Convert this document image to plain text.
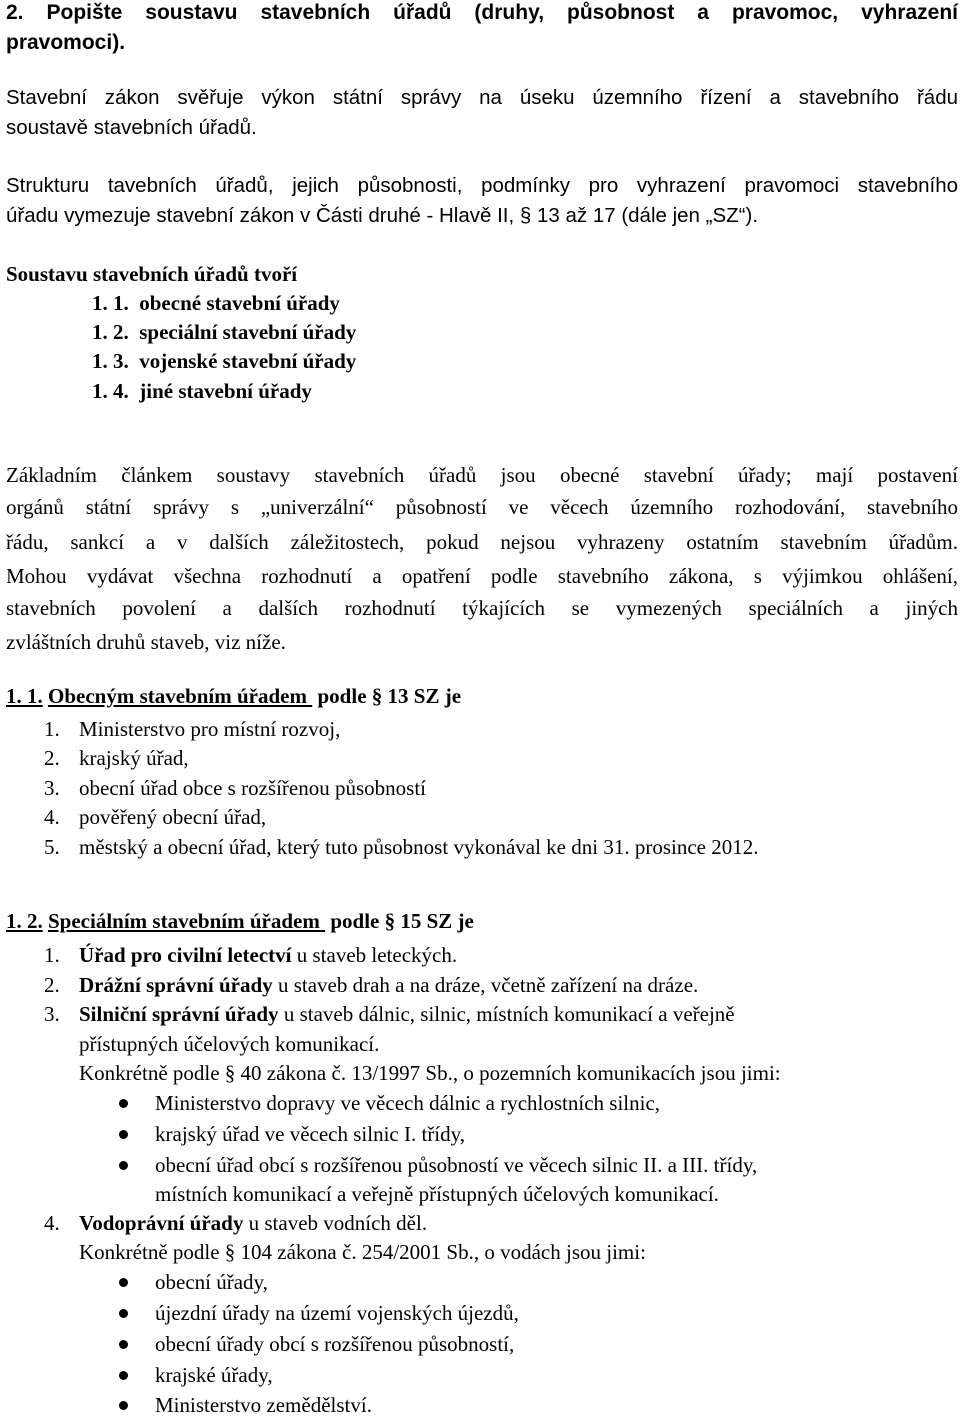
2. Popište soustavu stavebních úřadů (druhy, působnost a pravomoc, vyhrazení
pravomoci).
Stavební zákon svěřuje výkon státní správy na úseku územního řízení a stavebního řádu
soustavě stavebních úřadů.
Strukturu tavebních úřadů, jejich působnosti, podmínky pro vyhrazení pravomoci stavebního
úřadu vymezuje stavební zákon v Části druhé - Hlavě II, § 13 až 17 (dále jen „SZ“).
Soustavu stavebních úřadů tvoří
1. 1.  obecné stavební úřady
1. 2.  speciální stavební úřady
1. 3.  vojenské stavební úřady
1. 4.  jiné stavební úřady
Základním článkem soustavy stavebních úřadů jsou obecné stavební úřady; mají postavení
orgánů státní správy s „univerzální“ působností ve věcech územního rozhodování, stavebního
řádu, sankcí a v dalších záležitostech, pokud nejsou vyhrazeny ostatním stavebním úřadům.
Mohou vydávat všechna rozhodnutí a opatření podle stavebního zákona, s výjimkou ohlášení,
stavebních povolení a dalších rozhodnutí týkajících se vymezených speciálních a jiných
zvláštních druhů staveb, viz níže.
1. 1. Obecným stavebním úřadem  podle § 13 SZ je
1. Ministerstvo pro místní rozvoj,
2. krajský úřad,
3. obecní úřad obce s rozšířenou působností
4. pověřený obecní úřad,
5. městský a obecní úřad, který tuto působnost vykonával ke dni 31. prosince 2012.
1. 2. Speciálním stavebním úřadem  podle § 15 SZ je
1. Úřad pro civilní letectví u staveb leteckých.
2. Drážní správní úřady u staveb drah a na dráze, včetně zařízení na dráze.
3. Silniční správní úřady u staveb dálnic, silnic, místních komunikací a veřejně
přístupných účelových komunikací.
Konkrétně podle § 40 zákona č. 13/1997 Sb., o pozemních komunikacích jsou jimi:
Ministerstvo dopravy ve věcech dálnic a rychlostních silnic,
krajský úřad ve věcech silnic I. třídy,
obecní úřad obcí s rozšířenou působností ve věcech silnic II. a III. třídy,
místních komunikací a veřejně přístupných účelových komunikací.
4. Vodoprávní úřady u staveb vodních děl.
Konkrétně podle § 104 zákona č. 254/2001 Sb., o vodách jsou jimi:
obecní úřady,
újezdní úřady na území vojenských újezdů,
obecní úřady obcí s rozšířenou působností,
krajské úřady,
Ministerstvo zemědělství.
